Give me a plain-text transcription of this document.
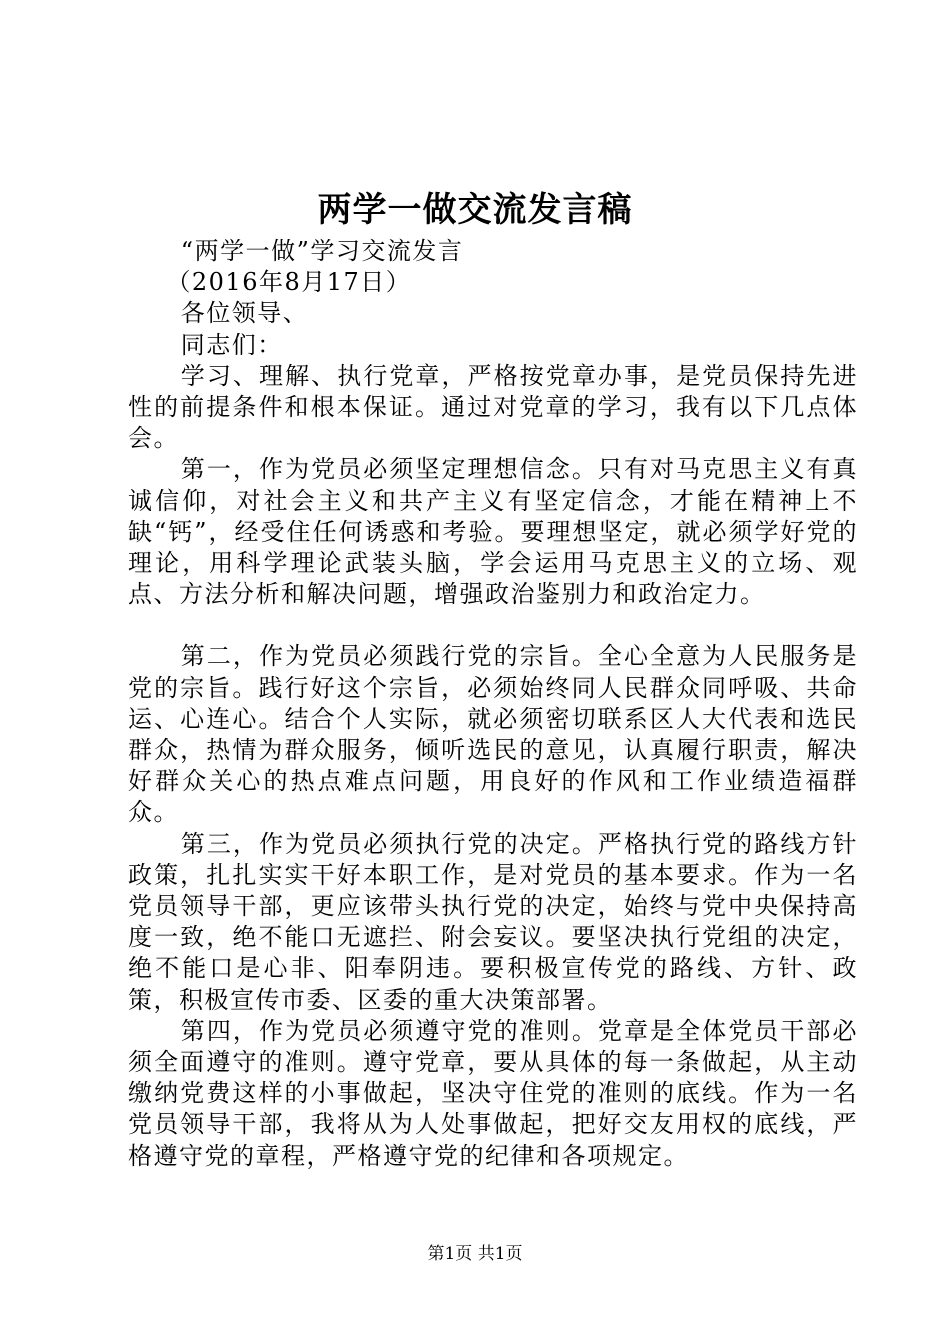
两学一做交流发言稿

“两学一做”学习交流发言

（2016年8月17日）

各位领导、

同志们：

学习、理解、执行党章，严格按党章办事，是党员保持先进性的前提条件和根本保证。通过对党章的学习，我有以下几点体会。

第一，作为党员必须坚定理想信念。只有对马克思主义有真诚信仰，对社会主义和共产主义有坚定信念，才能在精神上不缺“钙”，经受住任何诱惑和考验。要理想坚定，就必须学好党的理论，用科学理论武装头脑，学会运用马克思主义的立场、观点、方法分析和解决问题，增强政治鉴别力和政治定力。

第二，作为党员必须践行党的宗旨。全心全意为人民服务是党的宗旨。践行好这个宗旨，必须始终同人民群众同呼吸、共命运、心连心。结合个人实际，就必须密切联系区人大代表和选民群众，热情为群众服务，倾听选民的意见，认真履行职责，解决好群众关心的热点难点问题，用良好的作风和工作业绩造福群众。

第三，作为党员必须执行党的决定。严格执行党的路线方针政策，扎扎实实干好本职工作，是对党员的基本要求。作为一名党员领导干部，更应该带头执行党的决定，始终与党中央保持高度一致，绝不能口无遮拦、附会妄议。要坚决执行党组的决定，绝不能口是心非、阳奉阴违。要积极宣传党的路线、方针、政策，积极宣传市委、区委的重大决策部署。

第四，作为党员必须遵守党的准则。党章是全体党员干部必须全面遵守的准则。遵守党章，要从具体的每一条做起，从主动缴纳党费这样的小事做起，坚决守住党的准则的底线。作为一名党员领导干部，我将从为人处事做起，把好交友用权的底线，严格遵守党的章程，严格遵守党的纪律和各项规定。

第1页 共1页
